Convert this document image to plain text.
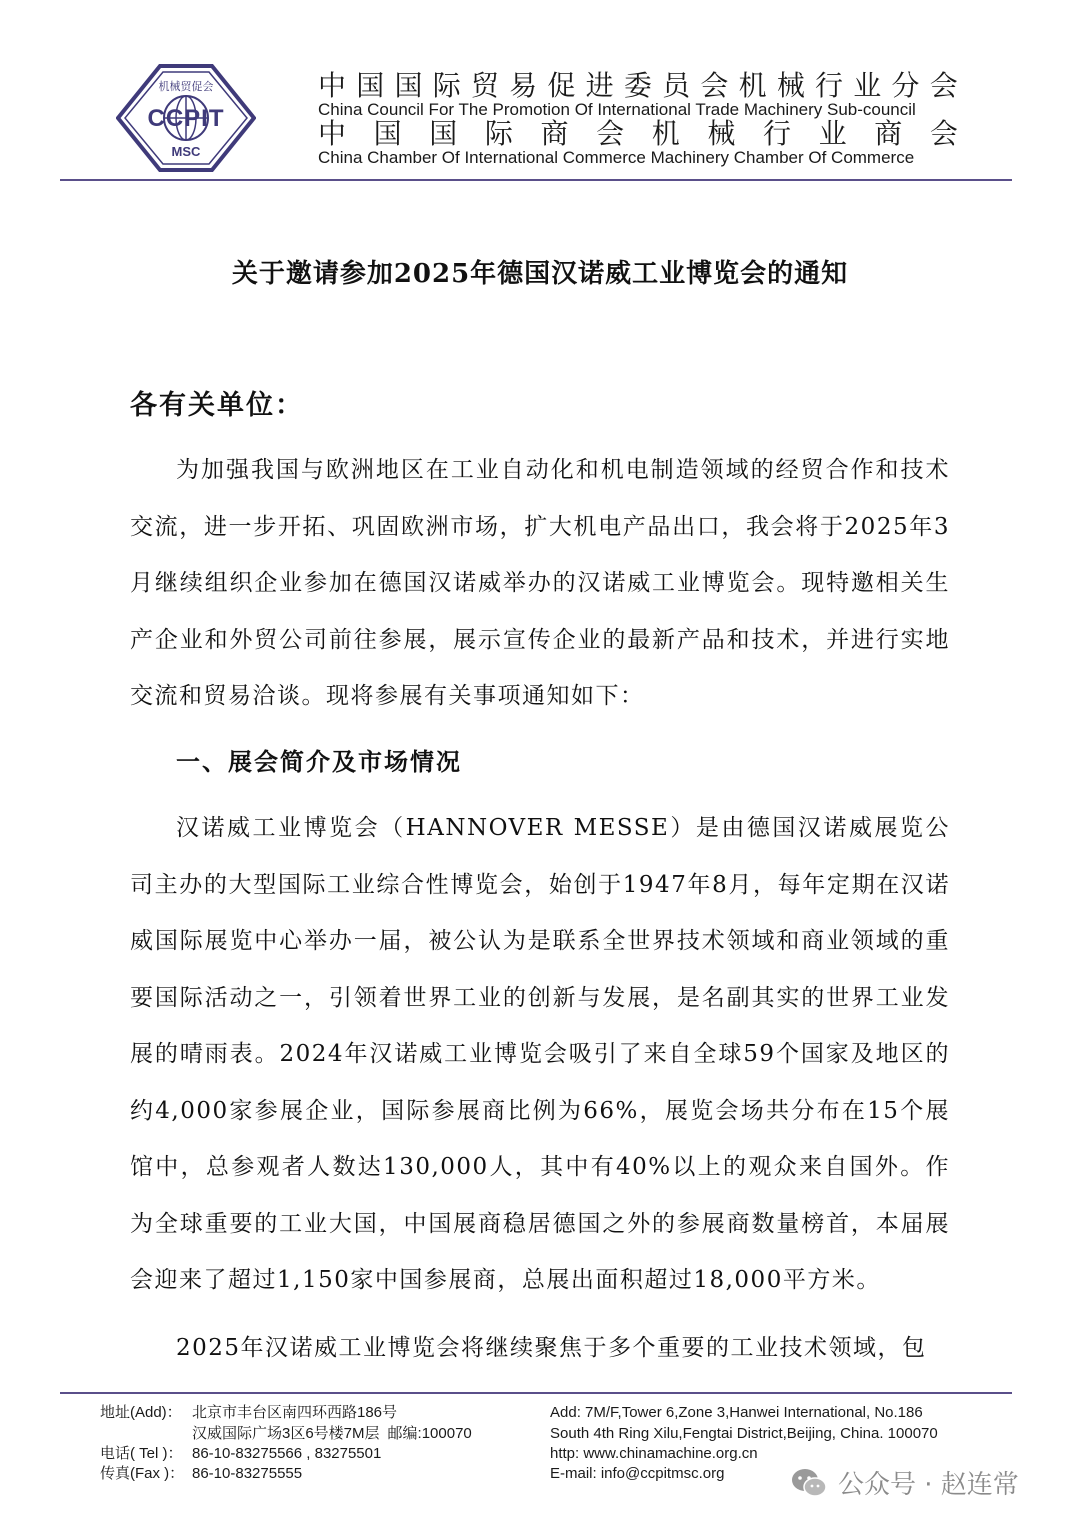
机械贸促会
CCPIT
MSC
中 国 国 际 贸 易 促 进 委 员 会 机 械 行 业 分 会
China Council For The Promotion Of International Trade Machinery Sub-council
中 国 国 际 商 会 机 械 行 业 商 会
China Chamber Of International Commerce Machinery Chamber Of Commerce
关于邀请参加2025年德国汉诺威工业博览会的通知
各有关单位：
为加强我国与欧洲地区在工业自动化和机电制造领域的经贸合作和技术交流，进一步开拓、巩固欧洲市场，扩大机电产品出口，我会将于2025年3月继续组织企业参加在德国汉诺威举办的汉诺威工业博览会。现特邀相关生产企业和外贸公司前往参展，展示宣传企业的最新产品和技术，并进行实地交流和贸易洽谈。现将参展有关事项通知如下：
一、展会简介及市场情况
汉诺威工业博览会（HANNOVER MESSE）是由德国汉诺威展览公司主办的大型国际工业综合性博览会，始创于1947年8月，每年定期在汉诺威国际展览中心举办一届，被公认为是联系全世界技术领域和商业领域的重要国际活动之一，引领着世界工业的创新与发展，是名副其实的世界工业发展的晴雨表。2024年汉诺威工业博览会吸引了来自全球59个国家及地区的约4,000家参展企业，国际参展商比例为66%，展览会场共分布在15个展馆中，总参观者人数达130,000人，其中有40%以上的观众来自国外。作为全球重要的工业大国，中国展商稳居德国之外的参展商数量榜首，本届展会迎来了超过1,150家中国参展商，总展出面积超过18,000平方米。
2025年汉诺威工业博览会将继续聚焦于多个重要的工业技术领域，包
地址(Add)： 北京市丰台区南四环西路186号
汉威国际广场3区6号楼7M层 邮编:100070
电话( Tel )： 86-10-83275566 , 83275501
传真(Fax )： 86-10-83275555
Add: 7M/F,Tower 6,Zone 3,Hanwei International, No.186
South 4th Ring Xilu,Fengtai District,Beijing, China. 100070
http: www.chinamachine.org.cn
E-mail: info@ccpitmsc.org	公众号 · 赵连常
